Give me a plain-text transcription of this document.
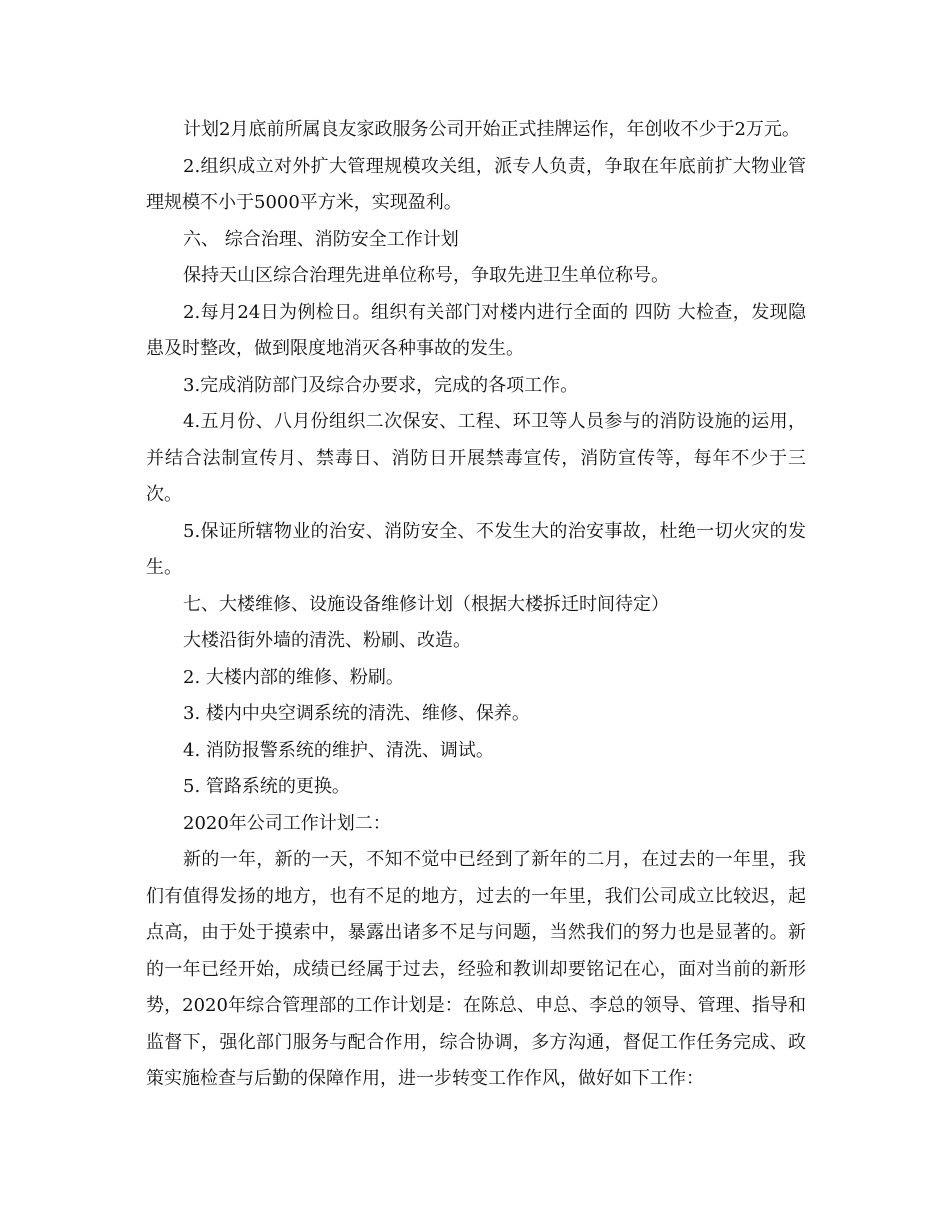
计划2月底前所属良友家政服务公司开始正式挂牌运作，年创收不少于2万元。

2.组织成立对外扩大管理规模攻关组，派专人负责，争取在年底前扩大物业管理规模不小于5000平方米，实现盈利。

六、 综合治理、消防安全工作计划

保持天山区综合治理先进单位称号，争取先进卫生单位称号。

2.每月24日为例检日。组织有关部门对楼内进行全面的 四防 大检查，发现隐患及时整改，做到限度地消灭各种事故的发生。

3.完成消防部门及综合办要求，完成的各项工作。

4.五月份、八月份组织二次保安、工程、环卫等人员参与的消防设施的运用，并结合法制宣传月、禁毒日、消防日开展禁毒宣传，消防宣传等，每年不少于三次。

5.保证所辖物业的治安、消防安全、不发生大的治安事故，杜绝一切火灾的发生。

七、大楼维修、设施设备维修计划（根据大楼拆迁时间待定）

大楼沿街外墙的清洗、粉刷、改造。

2. 大楼内部的维修、粉刷。

3. 楼内中央空调系统的清洗、维修、保养。

4. 消防报警系统的维护、清洗、调试。

5. 管路系统的更换。

2020年公司工作计划二：

新的一年，新的一天，不知不觉中已经到了新年的二月，在过去的一年里，我们有值得发扬的地方，也有不足的地方，过去的一年里，我们公司成立比较迟，起点高，由于处于摸索中，暴露出诸多不足与问题，当然我们的努力也是显著的。新的一年已经开始，成绩已经属于过去，经验和教训却要铭记在心，面对当前的新形势，2020年综合管理部的工作计划是：在陈总、申总、李总的领导、管理、指导和监督下，强化部门服务与配合作用，综合协调，多方沟通，督促工作任务完成、政策实施检查与后勤的保障作用，进一步转变工作作风，做好如下工作：
